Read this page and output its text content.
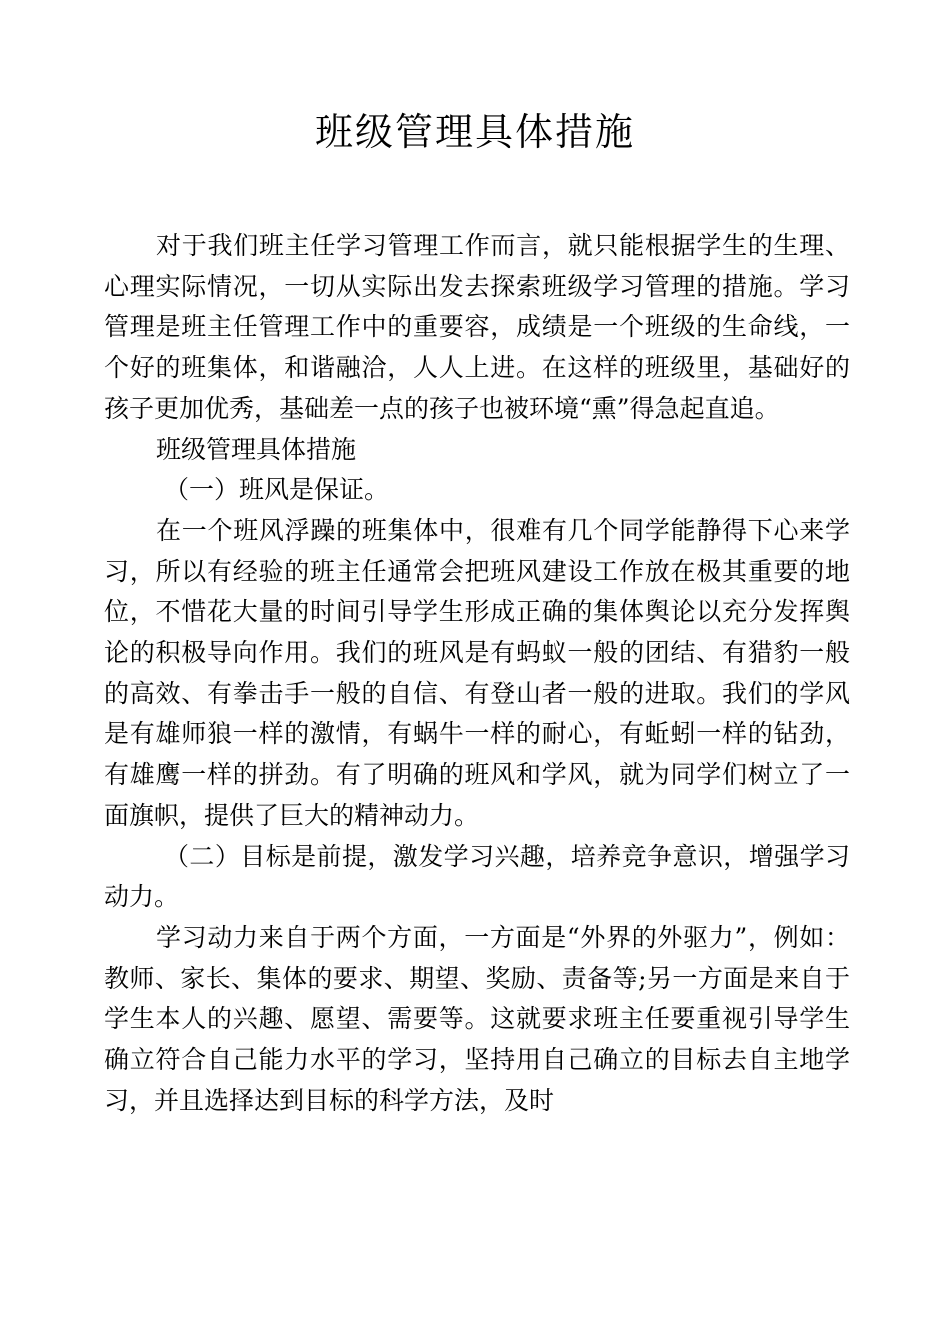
班级管理具体措施

对于我们班主任学习管理工作而言，就只能根据学生的生理、心理实际情况，一切从实际出发去探索班级学习管理的措施。学习管理是班主任管理工作中的重要容，成绩是一个班级的生命线，一个好的班集体，和谐融洽，人人上进。在这样的班级里，基础好的孩子更加优秀，基础差一点的孩子也被环境“熏”得急起直追。

班级管理具体措施

（一）班风是保证。

在一个班风浮躁的班集体中，很难有几个同学能静得下心来学习，所以有经验的班主任通常会把班风建设工作放在极其重要的地位，不惜花大量的时间引导学生形成正确的集体舆论以充分发挥舆论的积极导向作用。我们的班风是有蚂蚁一般的团结、有猎豹一般的高效、有拳击手一般的自信、有登山者一般的进取。我们的学风是有雄师狼一样的激情，有蜗牛一样的耐心，有蚯蚓一样的钻劲，有雄鹰一样的拼劲。有了明确的班风和学风，就为同学们树立了一面旗帜，提供了巨大的精神动力。

（二）目标是前提，激发学习兴趣，培养竞争意识，增强学习动力。

学习动力来自于两个方面，一方面是“外界的外驱力”，例如：教师、家长、集体的要求、期望、奖励、责备等;另一方面是来自于学生本人的兴趣、愿望、需要等。这就要求班主任要重视引导学生确立符合自己能力水平的学习，坚持用自己确立的目标去自主地学习，并且选择达到目标的科学方法，及时
